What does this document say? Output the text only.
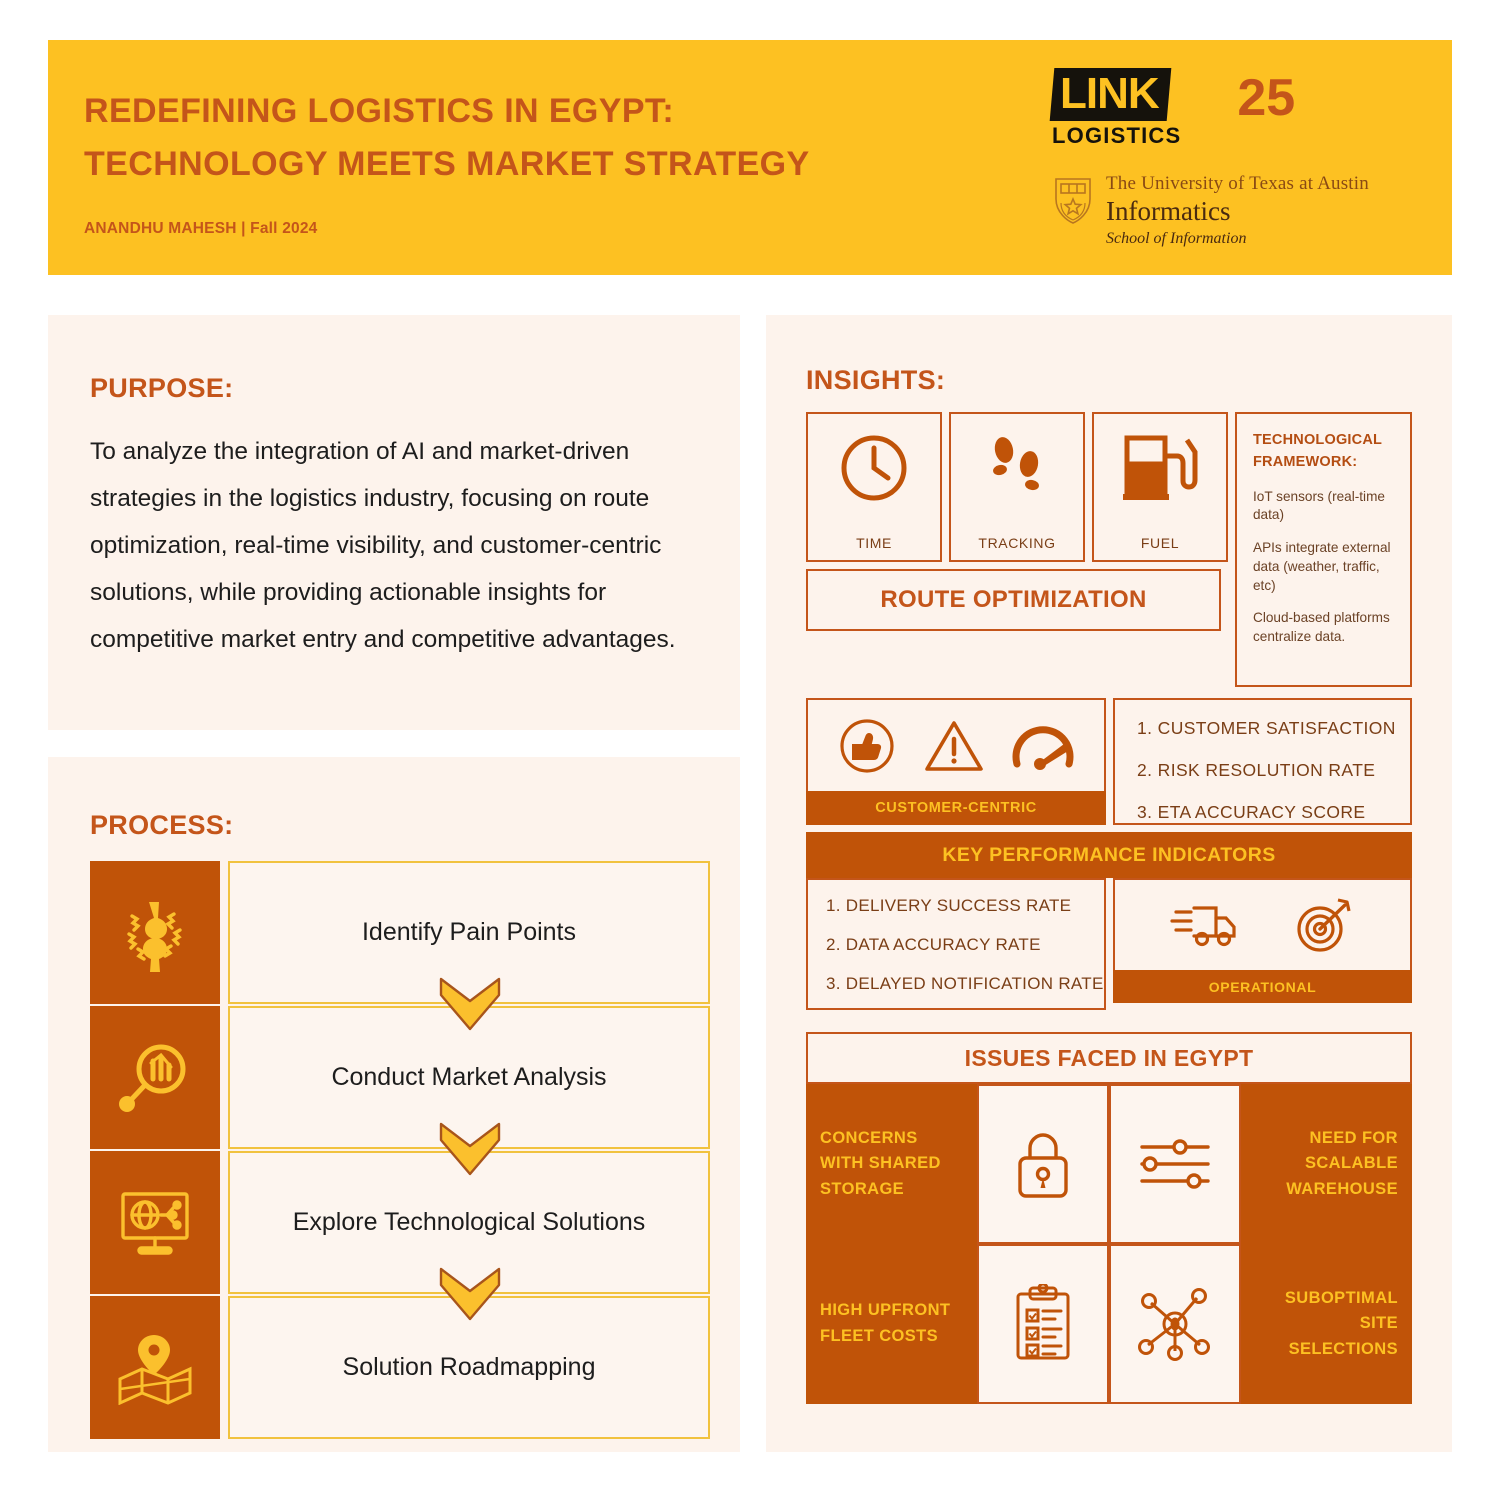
REDEFINING LOGISTICS IN EGYPT:
TECHNOLOGY MEETS MARKET STRATEGY
ANANDHU MAHESH | Fall 2024
LINK
LOGISTICS
25
The University of Texas at Austin
Informatics
School of Information
PURPOSE:
To analyze the integration of AI and market-driven strategies in the logistics industry, focusing on route optimization, real-time visibility, and customer-centric solutions, while providing actionable insights for competitive market entry and competitive advantages.
PROCESS:
Identify Pain Points
Conduct Market Analysis
Explore Technological Solutions
Solution Roadmapping
INSIGHTS:
TIME	TRACKING	FUEL
ROUTE OPTIMIZATION
TECHNOLOGICAL
FRAMEWORK:
IoT sensors (real-time data)
APIs integrate external data (weather, traffic, etc)
Cloud-based platforms centralize data.
CUSTOMER-CENTRIC
1. CUSTOMER SATISFACTION
2. RISK RESOLUTION RATE
3. ETA ACCURACY SCORE
KEY PERFORMANCE INDICATORS
1. DELIVERY SUCCESS RATE
2. DATA ACCURACY RATE
3. DELAYED NOTIFICATION RATE	OPERATIONAL
ISSUES FACED IN EGYPT

CONCERNS WITH SHARED STORAGE

NEED FOR SCALABLE WAREHOUSE

HIGH UPFRONT FLEET COSTS

SUBOPTIMAL SITE SELECTIONS
